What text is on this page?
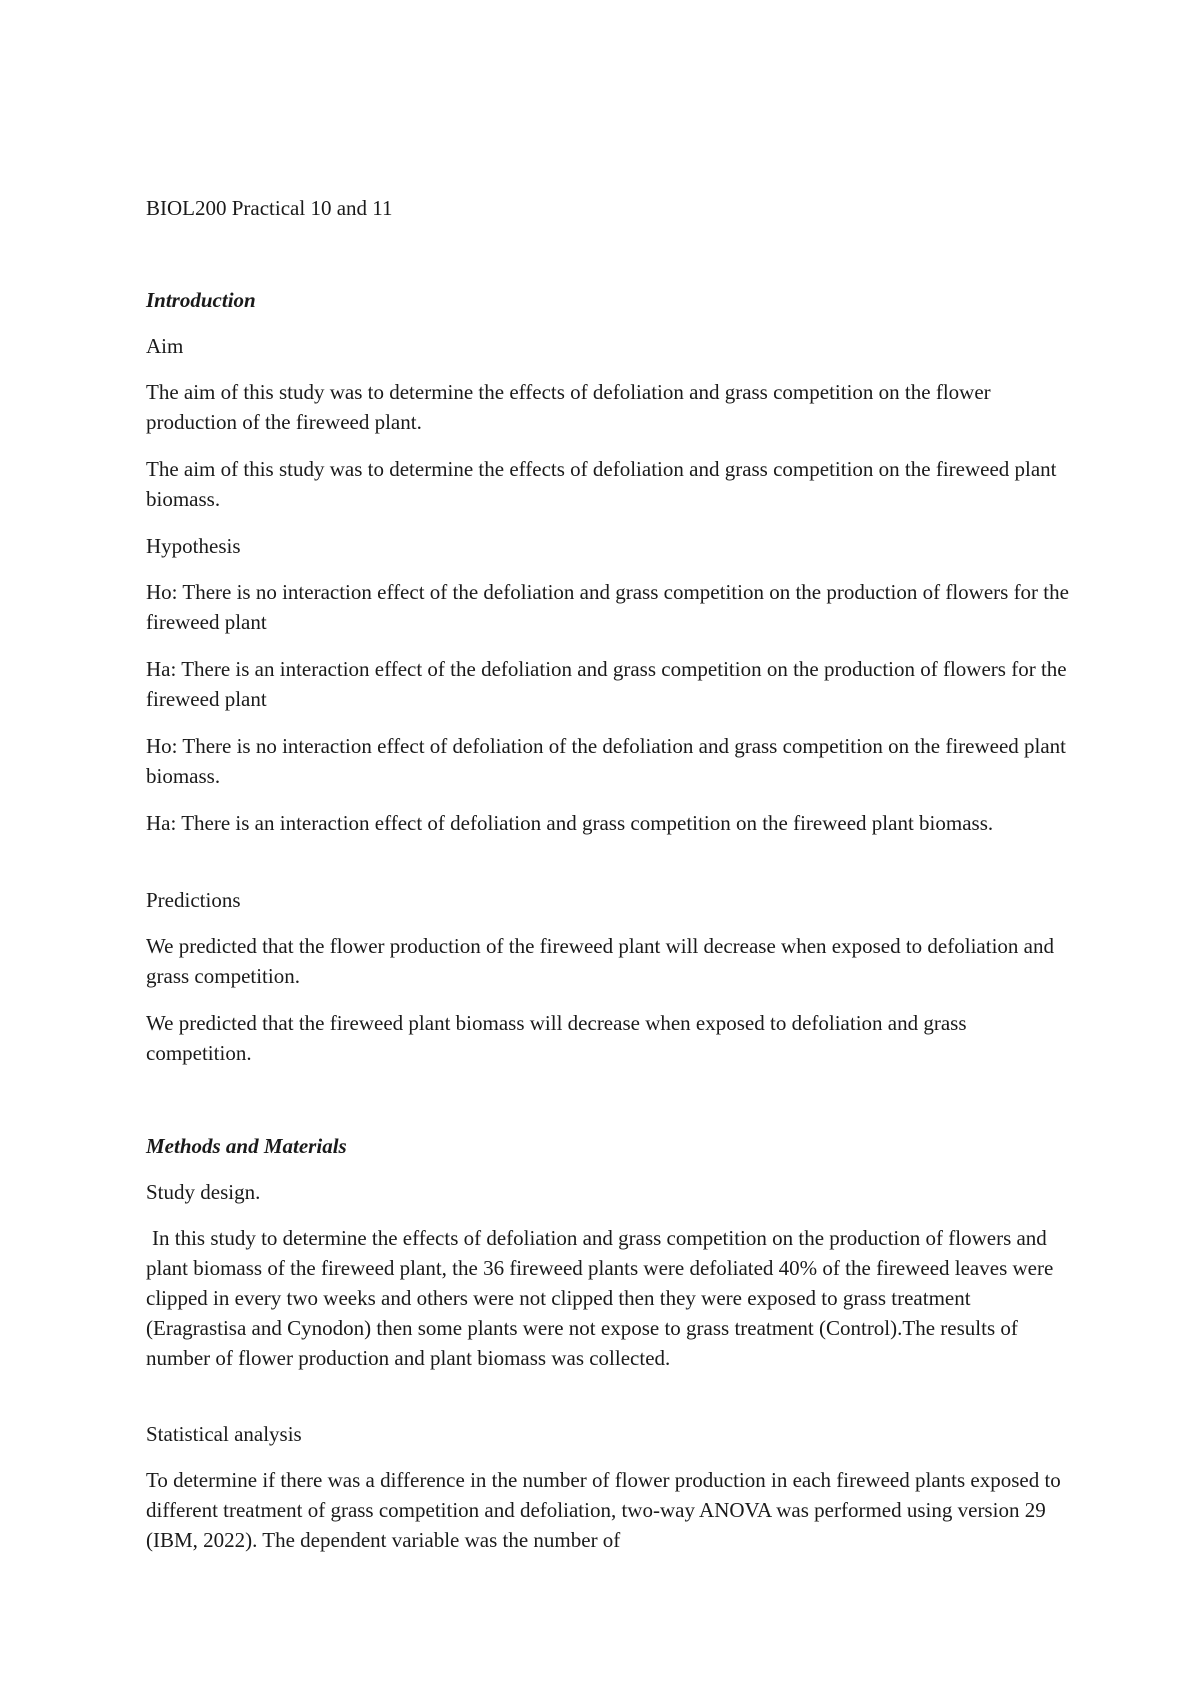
BIOL200 Practical 10 and 11

Introduction

Aim

The aim of this study was to determine the effects of defoliation and grass competition on the flower production of the fireweed plant.

The aim of this study was to determine the effects of defoliation and grass competition on the fireweed plant biomass.

Hypothesis

Ho: There is no interaction effect of the defoliation and grass competition on the production of flowers for the fireweed plant

Ha: There is an interaction effect of the defoliation and grass competition on the production of flowers for the fireweed plant

Ho: There is no interaction effect of defoliation of the defoliation and grass competition on the fireweed plant biomass.

Ha: There is an interaction effect of defoliation and grass competition on the fireweed plant biomass.

Predictions

We predicted that the flower production of the fireweed plant will decrease when exposed to defoliation and grass competition.

We predicted that the fireweed plant biomass will decrease when exposed to defoliation and grass competition.

Methods and Materials

Study design.

In this study to determine the effects of defoliation and grass competition on the production of flowers and plant biomass of the fireweed plant, the 36 fireweed plants were defoliated 40% of the fireweed leaves were clipped in every two weeks and others were not clipped then they were exposed to grass treatment (Eragrastisa and Cynodon) then some plants were not expose to grass treatment (Control).The results of number of flower production and plant biomass was collected.

Statistical analysis

To determine if there was a difference in the number of flower production in each fireweed plants exposed to different treatment of grass competition and defoliation, two-way ANOVA was performed using version 29 (IBM, 2022). The dependent variable was the number of
